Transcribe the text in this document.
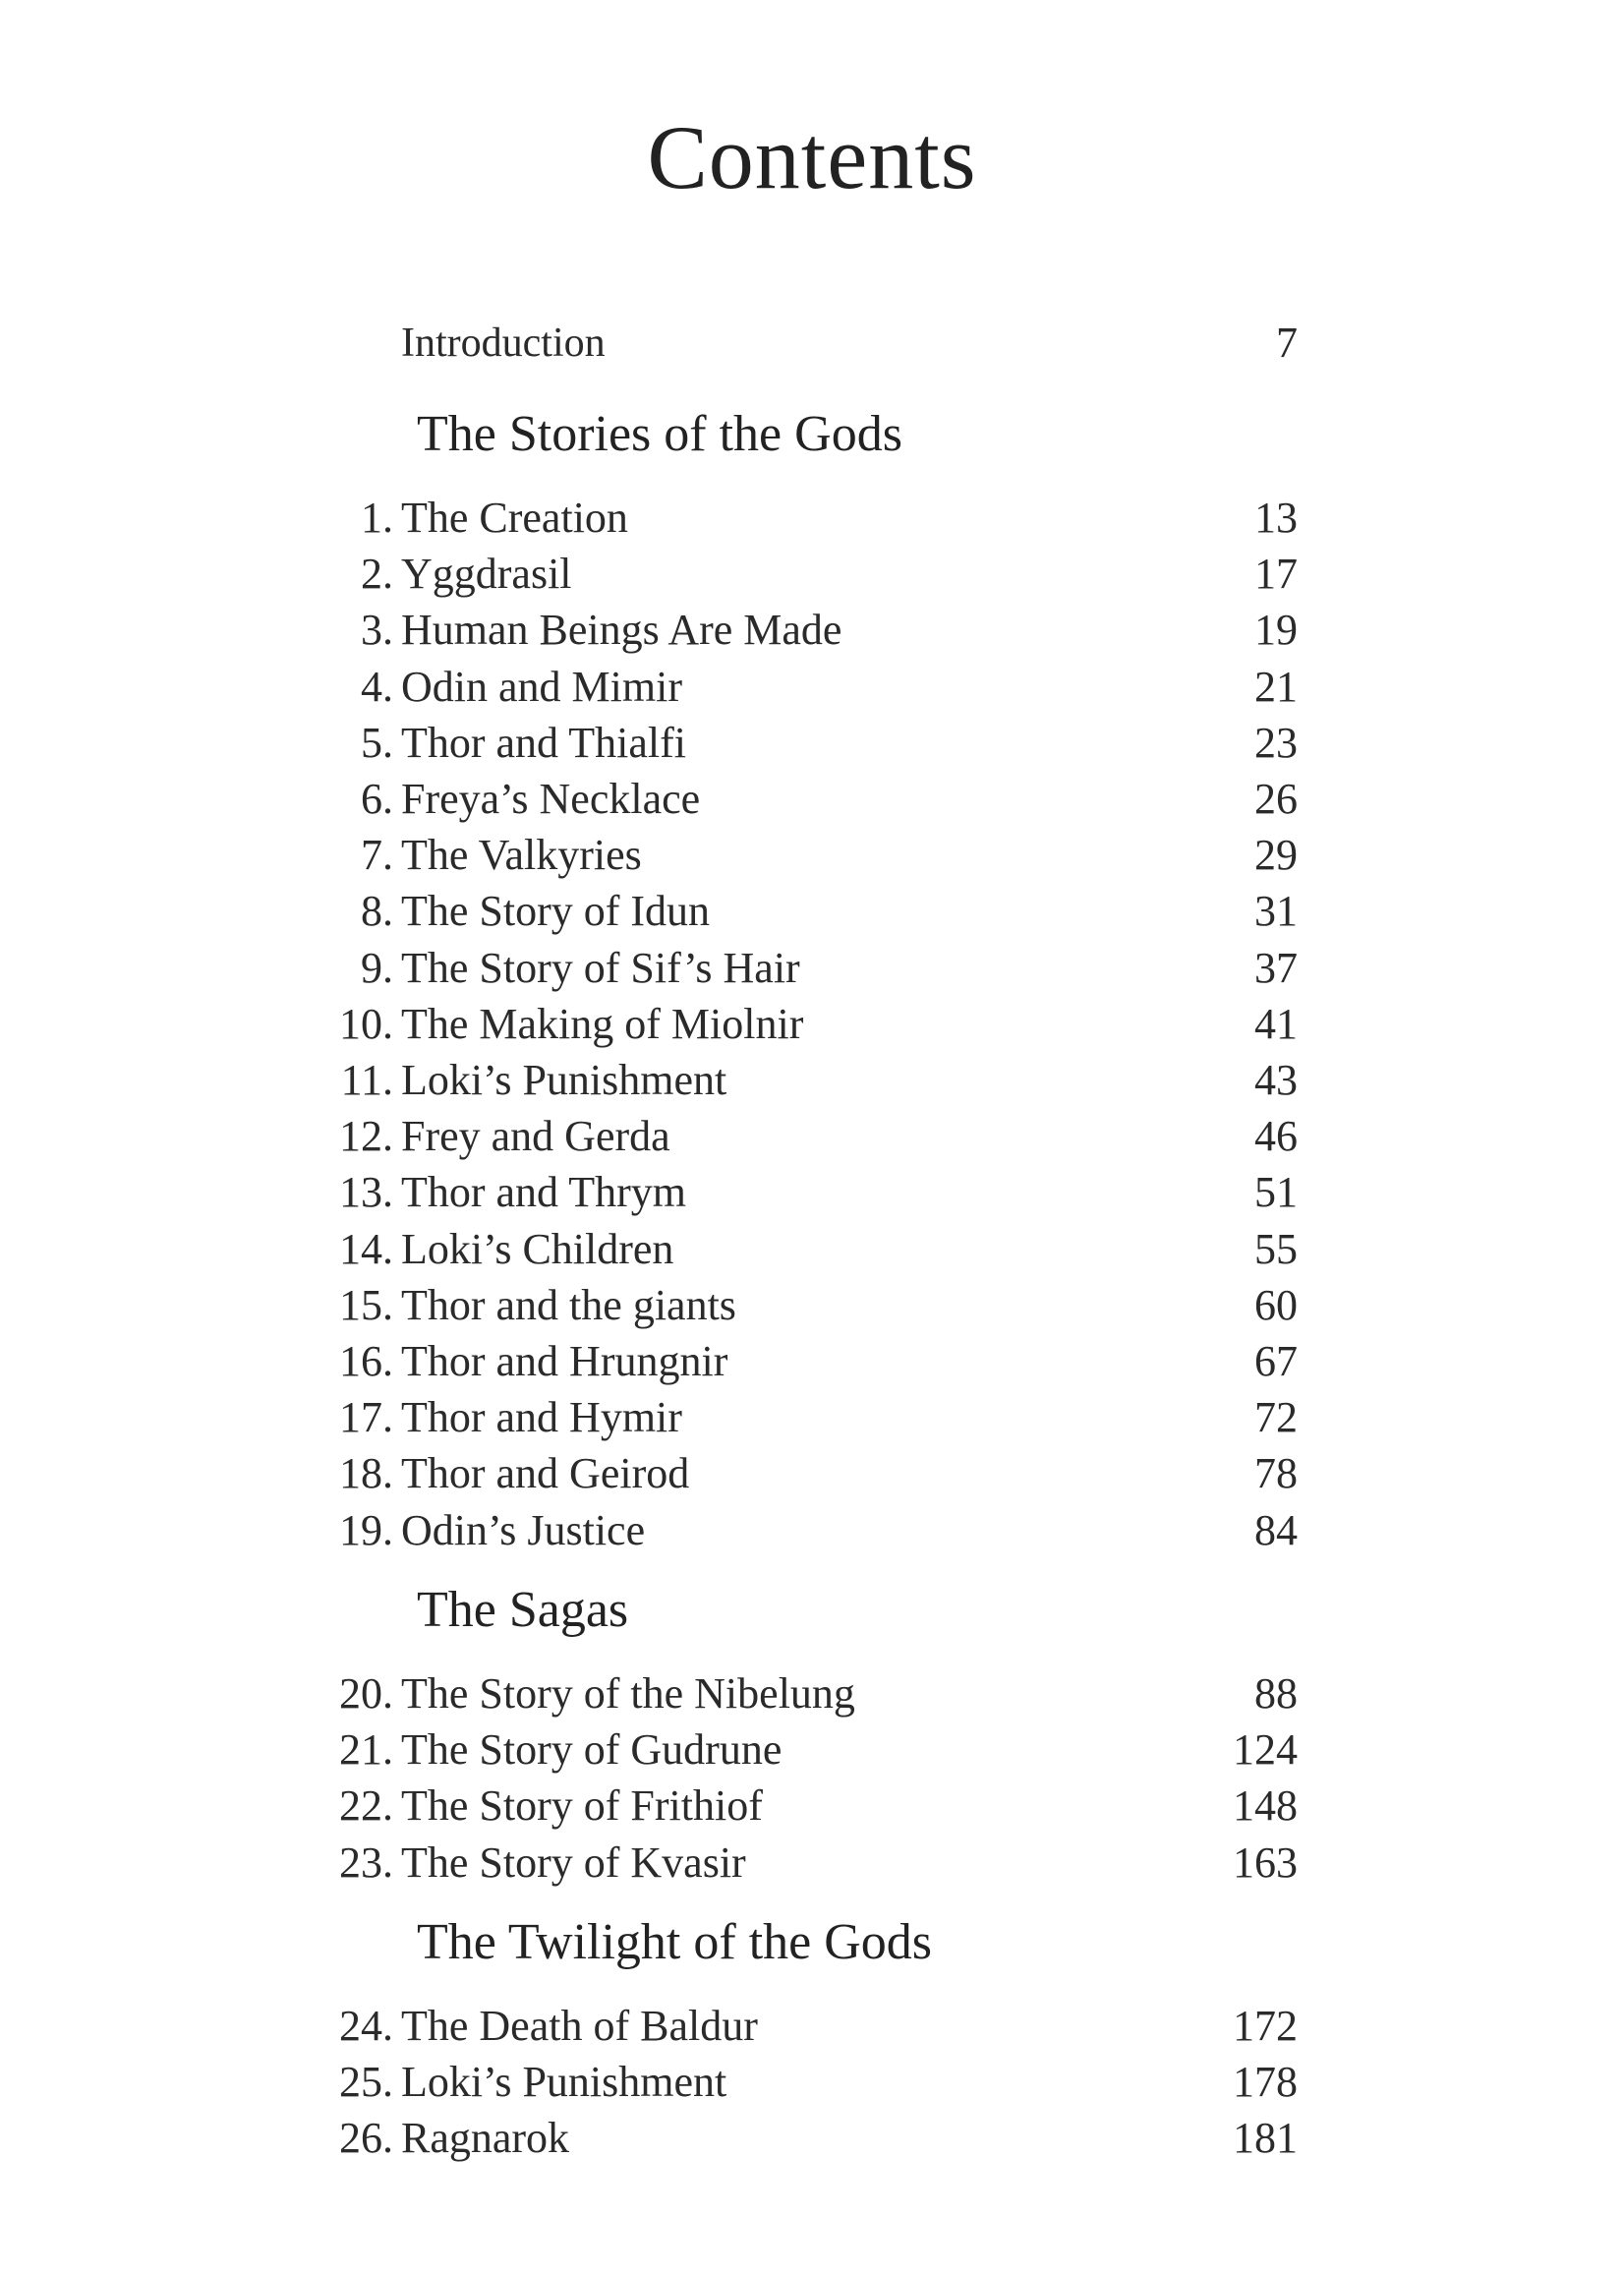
Contents
Introduction	7
The Stories of the Gods
1. The Creation	13
2. Yggdrasil	17
3. Human Beings Are Made	19
4. Odin and Mimir	21
5. Thor and Thialfi	23
6. Freya’s Necklace	26
7. The Valkyries	29
8. The Story of Idun	31
9. The Story of Sif’s Hair	37
10. The Making of Miolnir	41
11. Loki’s Punishment	43
12. Frey and Gerda	46
13. Thor and Thrym	51
14. Loki’s Children	55
15. Thor and the giants	60
16. Thor and Hrungnir	67
17. Thor and Hymir	72
18. Thor and Geirod	78
19. Odin’s Justice	84
The Sagas
20. The Story of the Nibelung	88
21. The Story of Gudrune	124
22. The Story of Frithiof	148
23. The Story of Kvasir	163
The Twilight of the Gods
24. The Death of Baldur	172
25. Loki’s Punishment	178
26. Ragnarok	181
